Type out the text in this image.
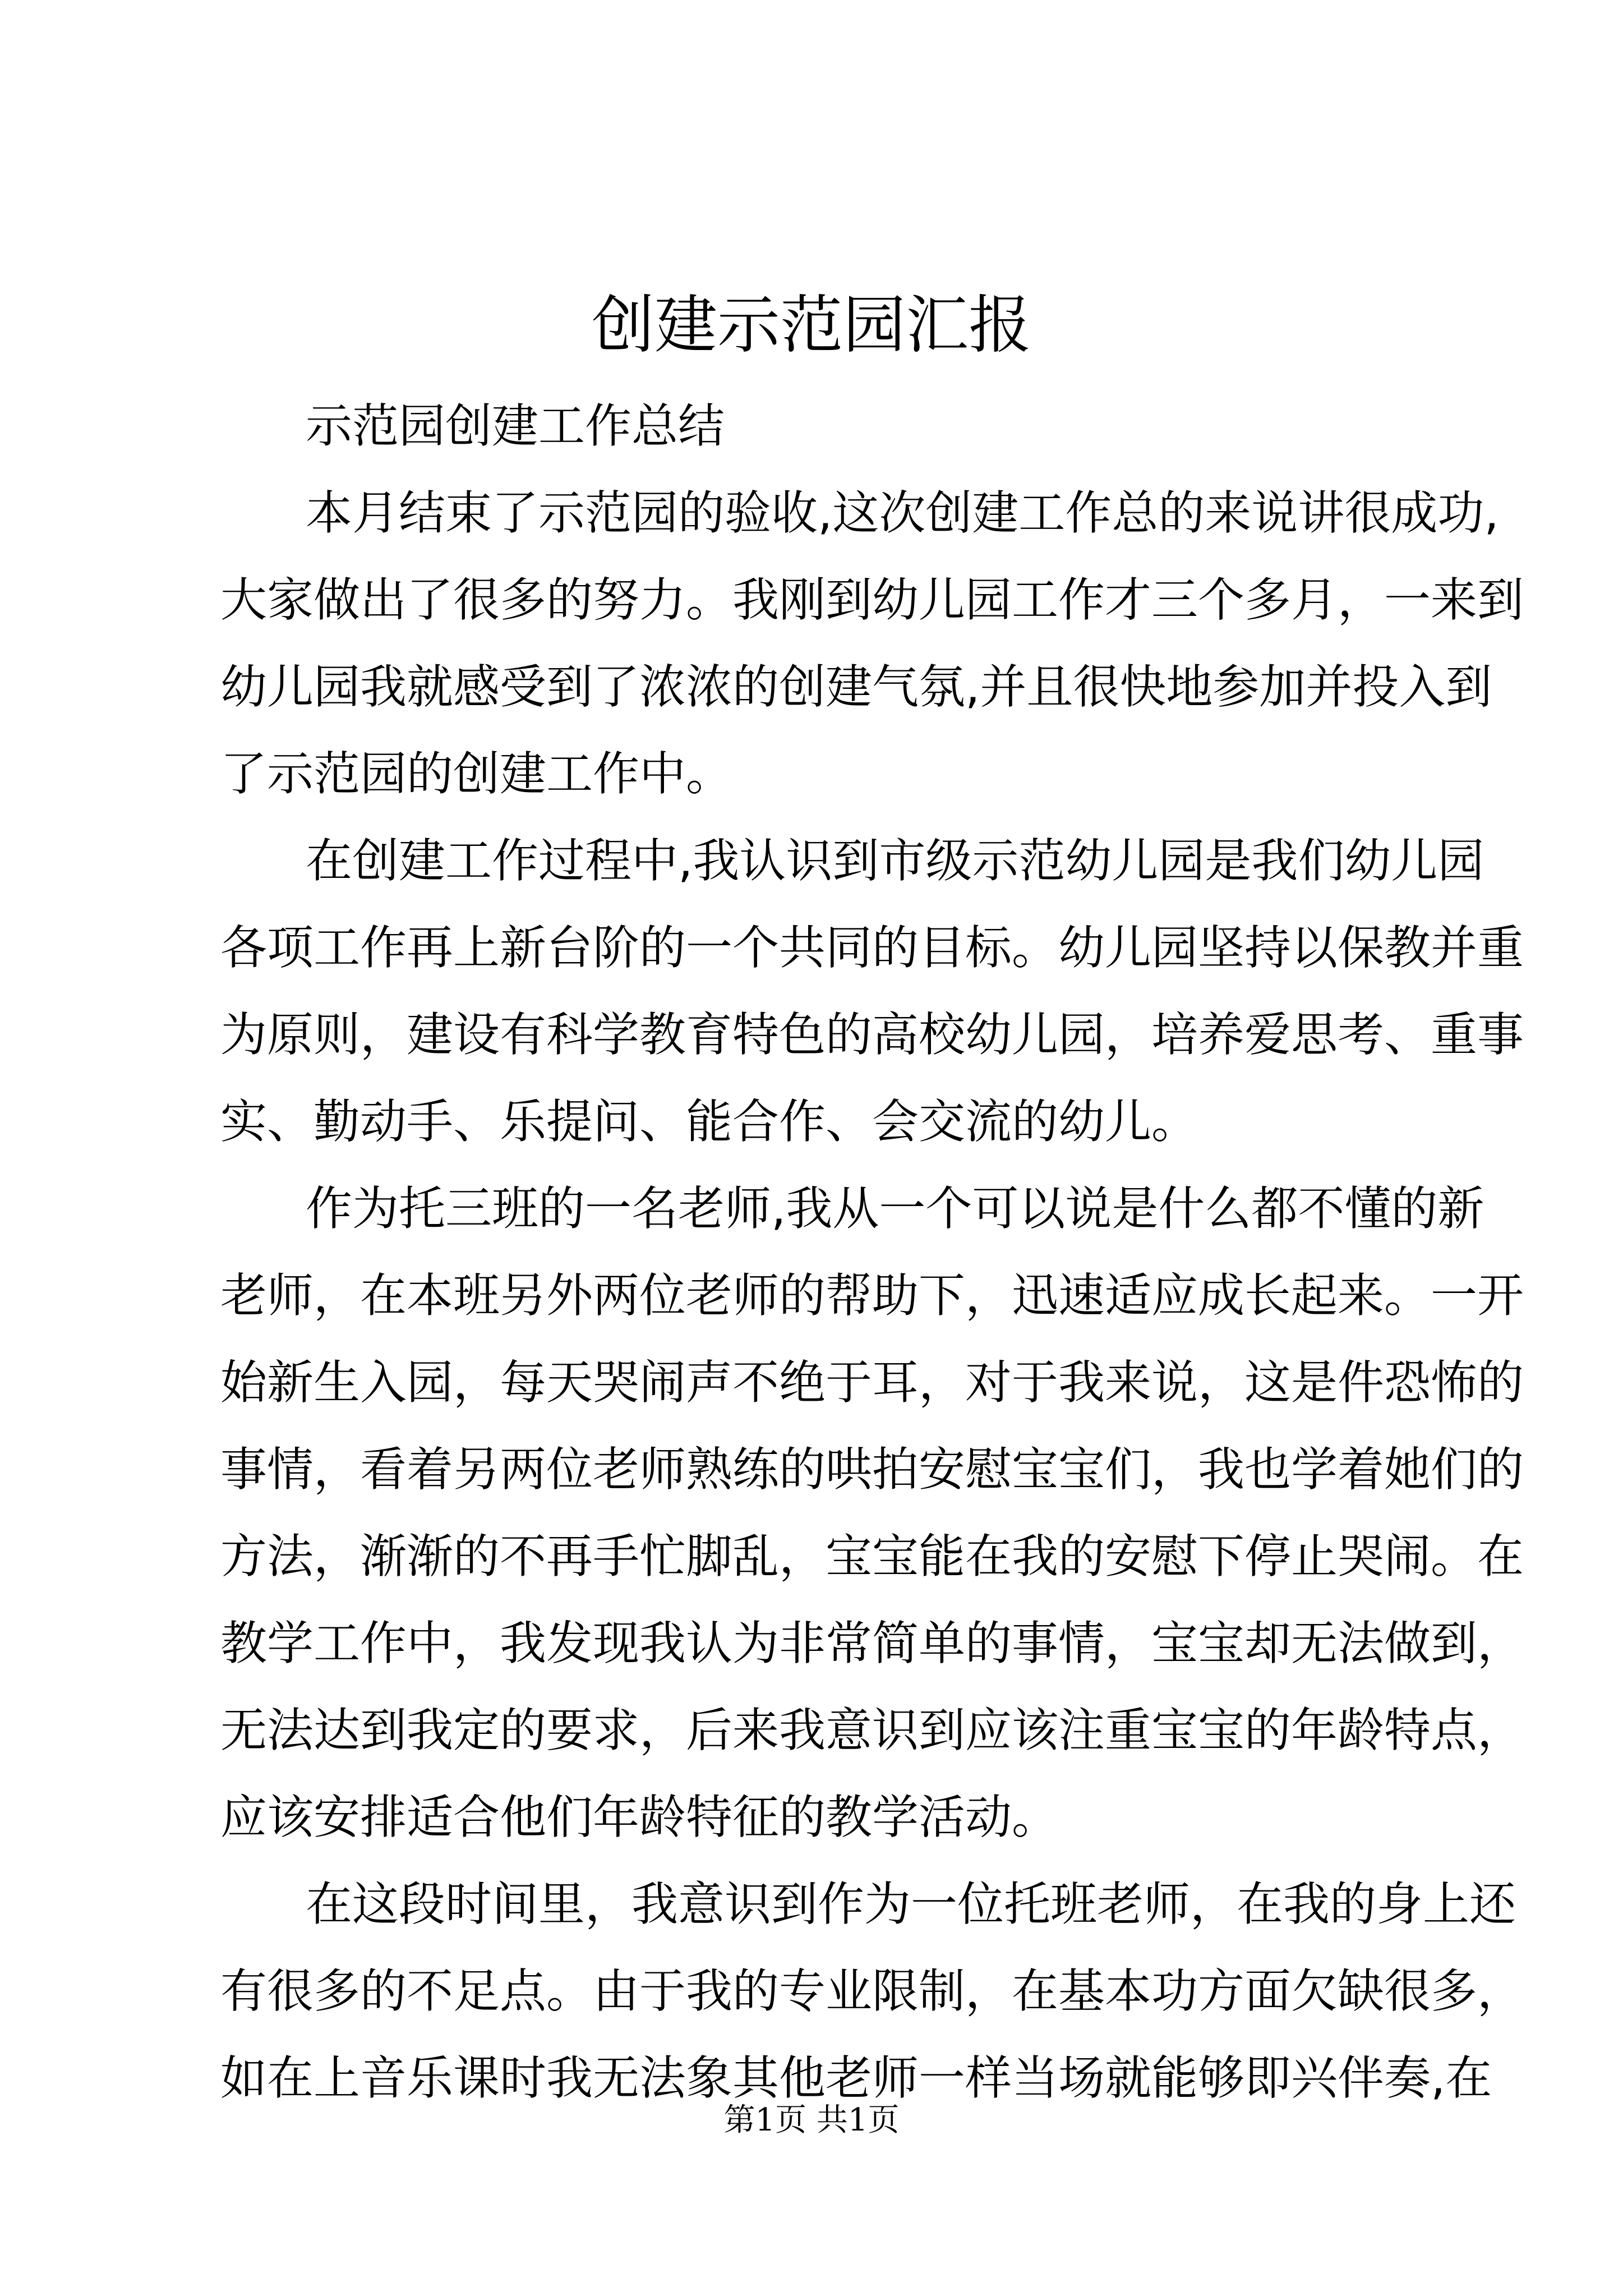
创建示范园汇报
示范园创建工作总结
本月结束了示范园的验收,这次创建工作总的来说讲很成功,
大家做出了很多的努力。我刚到幼儿园工作才三个多月，一来到
幼儿园我就感受到了浓浓的创建气氛,并且很快地参加并投入到
了示范园的创建工作中。
在创建工作过程中,我认识到市级示范幼儿园是我们幼儿园
各项工作再上新台阶的一个共同的目标。幼儿园坚持以保教并重
为原则，建设有科学教育特色的高校幼儿园，培养爱思考、重事
实、勤动手、乐提问、能合作、会交流的幼儿。
作为托三班的一名老师,我从一个可以说是什么都不懂的新
老师，在本班另外两位老师的帮助下，迅速适应成长起来。一开
始新生入园，每天哭闹声不绝于耳，对于我来说，这是件恐怖的
事情，看着另两位老师熟练的哄拍安慰宝宝们，我也学着她们的
方法，渐渐的不再手忙脚乱，宝宝能在我的安慰下停止哭闹。在
教学工作中，我发现我认为非常简单的事情，宝宝却无法做到，
无法达到我定的要求，后来我意识到应该注重宝宝的年龄特点，
应该安排适合他们年龄特征的教学活动。
在这段时间里，我意识到作为一位托班老师，在我的身上还
有很多的不足点。由于我的专业限制，在基本功方面欠缺很多，
如在上音乐课时我无法象其他老师一样当场就能够即兴伴奏,在
第1页 共1页
